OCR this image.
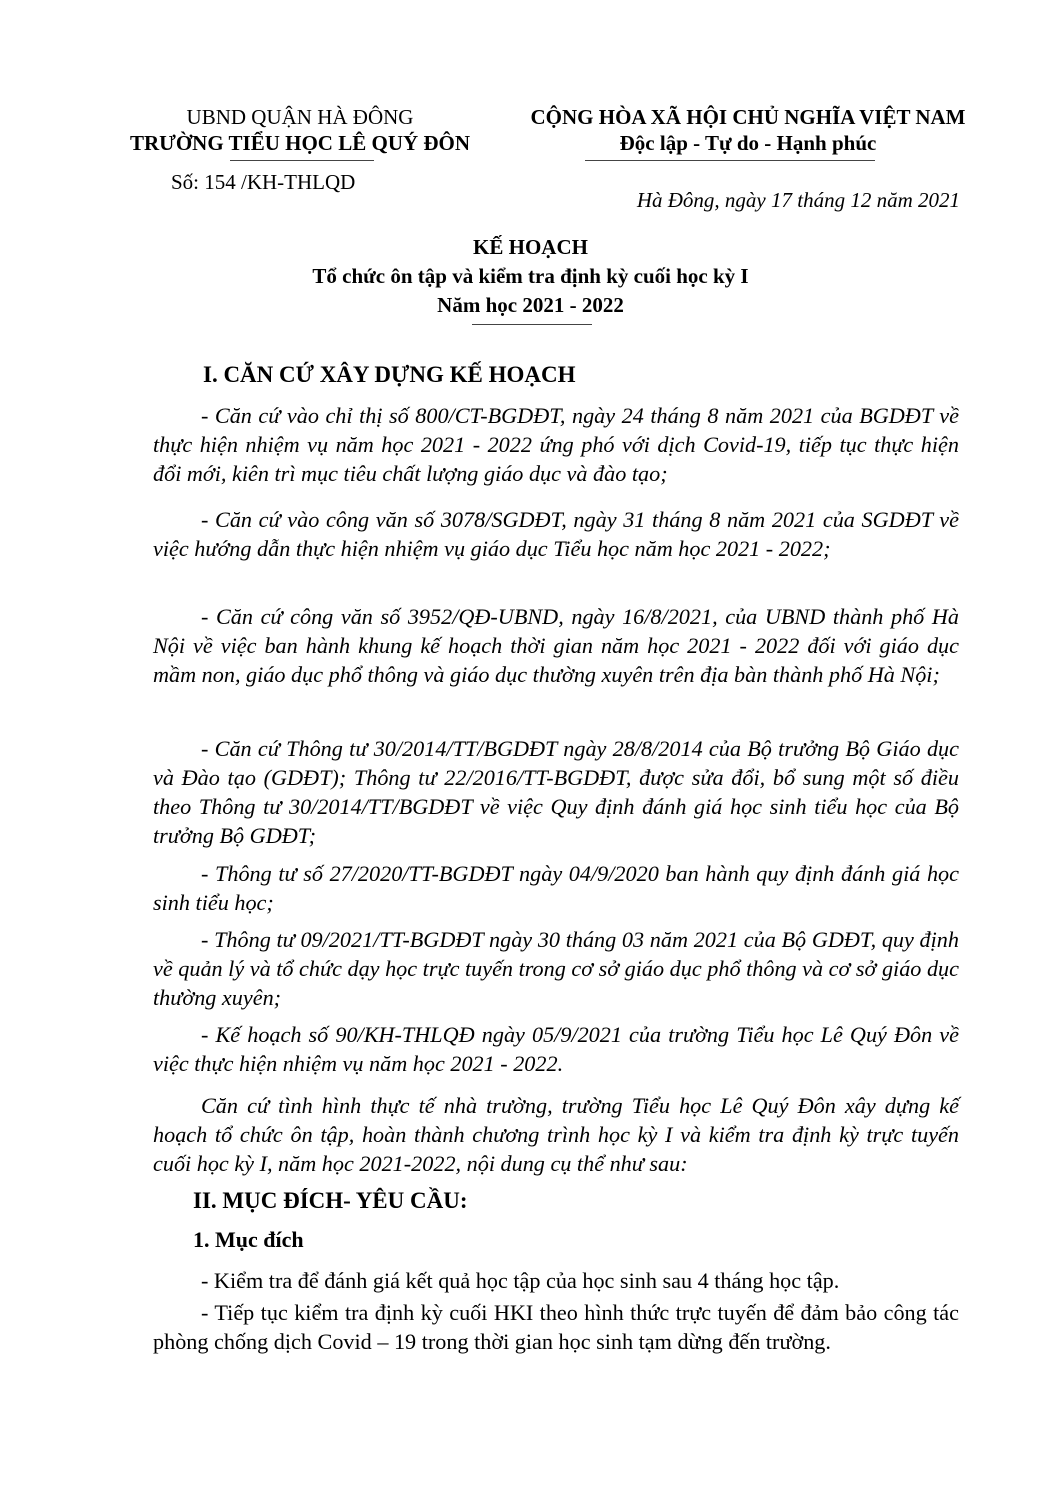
UBND QUẬN HÀ ĐÔNG
TRƯỜNG TIỂU HỌC LÊ QUÝ ĐÔN
Số: 154 /KH-THLQD
CỘNG HÒA XÃ HỘI CHỦ NGHĨA VIỆT NAM
Độc lập - Tự do - Hạnh phúc
Hà Đông, ngày 17 tháng 12 năm 2021
KẾ HOẠCH
Tổ chức ôn tập và kiểm tra định kỳ cuối học kỳ I
Năm học 2021 - 2022
I. CĂN CỨ XÂY DỰNG KẾ HOẠCH
- Căn cứ vào chỉ thị số 800/CT-BGDĐT, ngày 24 tháng 8 năm 2021 của BGDĐT về thực hiện nhiệm vụ năm học 2021 - 2022 ứng phó với dịch Covid-19, tiếp tục thực hiện đổi mới, kiên trì mục tiêu chất lượng giáo dục và đào tạo;
- Căn cứ vào công văn số 3078/SGDĐT, ngày 31 tháng 8 năm 2021 của SGDĐT về việc hướng dẫn thực hiện nhiệm vụ giáo dục Tiểu học năm học 2021 - 2022;
- Căn cứ công văn số 3952/QĐ-UBND, ngày 16/8/2021, của UBND thành phố Hà Nội về việc ban hành khung kế hoạch thời gian năm học 2021 - 2022 đối với giáo dục mầm non, giáo dục phổ thông và giáo dục thường xuyên trên địa bàn thành phố Hà Nội;
- Căn cứ Thông tư 30/2014/TT/BGDĐT ngày 28/8/2014 của Bộ trưởng Bộ Giáo dục và Đào tạo (GDĐT); Thông tư 22/2016/TT-BGDĐT, được sửa đổi, bổ sung một số điều theo Thông tư 30/2014/TT/BGDĐT về việc Quy định đánh giá học sinh tiểu học của Bộ trưởng Bộ GDĐT;
- Thông tư số 27/2020/TT-BGDĐT ngày 04/9/2020 ban hành quy định đánh giá học sinh tiểu học;
- Thông tư 09/2021/TT-BGDĐT ngày 30 tháng 03 năm 2021 của Bộ GDĐT, quy định về quản lý và tổ chức dạy học trực tuyến trong cơ sở giáo dục phổ thông và cơ sở giáo dục thường xuyên;
- Kế hoạch số 90/KH-THLQĐ ngày 05/9/2021 của trường Tiểu học Lê Quý Đôn về việc thực hiện nhiệm vụ năm học 2021 - 2022.
Căn cứ tình hình thực tế nhà trường, trường Tiểu học Lê Quý Đôn xây dựng kế hoạch tổ chức ôn tập, hoàn thành chương trình học kỳ I và kiểm tra định kỳ trực tuyến cuối học kỳ I, năm học 2021-2022, nội dung cụ thể như sau:
II. MỤC ĐÍCH- YÊU CẦU:
1. Mục đích
- Kiểm tra để đánh giá kết quả học tập của học sinh sau 4 tháng học tập.
- Tiếp tục kiểm tra định kỳ cuối HKI theo hình thức trực tuyến để đảm bảo công tác phòng chống dịch Covid – 19 trong thời gian học sinh tạm dừng đến trường.
